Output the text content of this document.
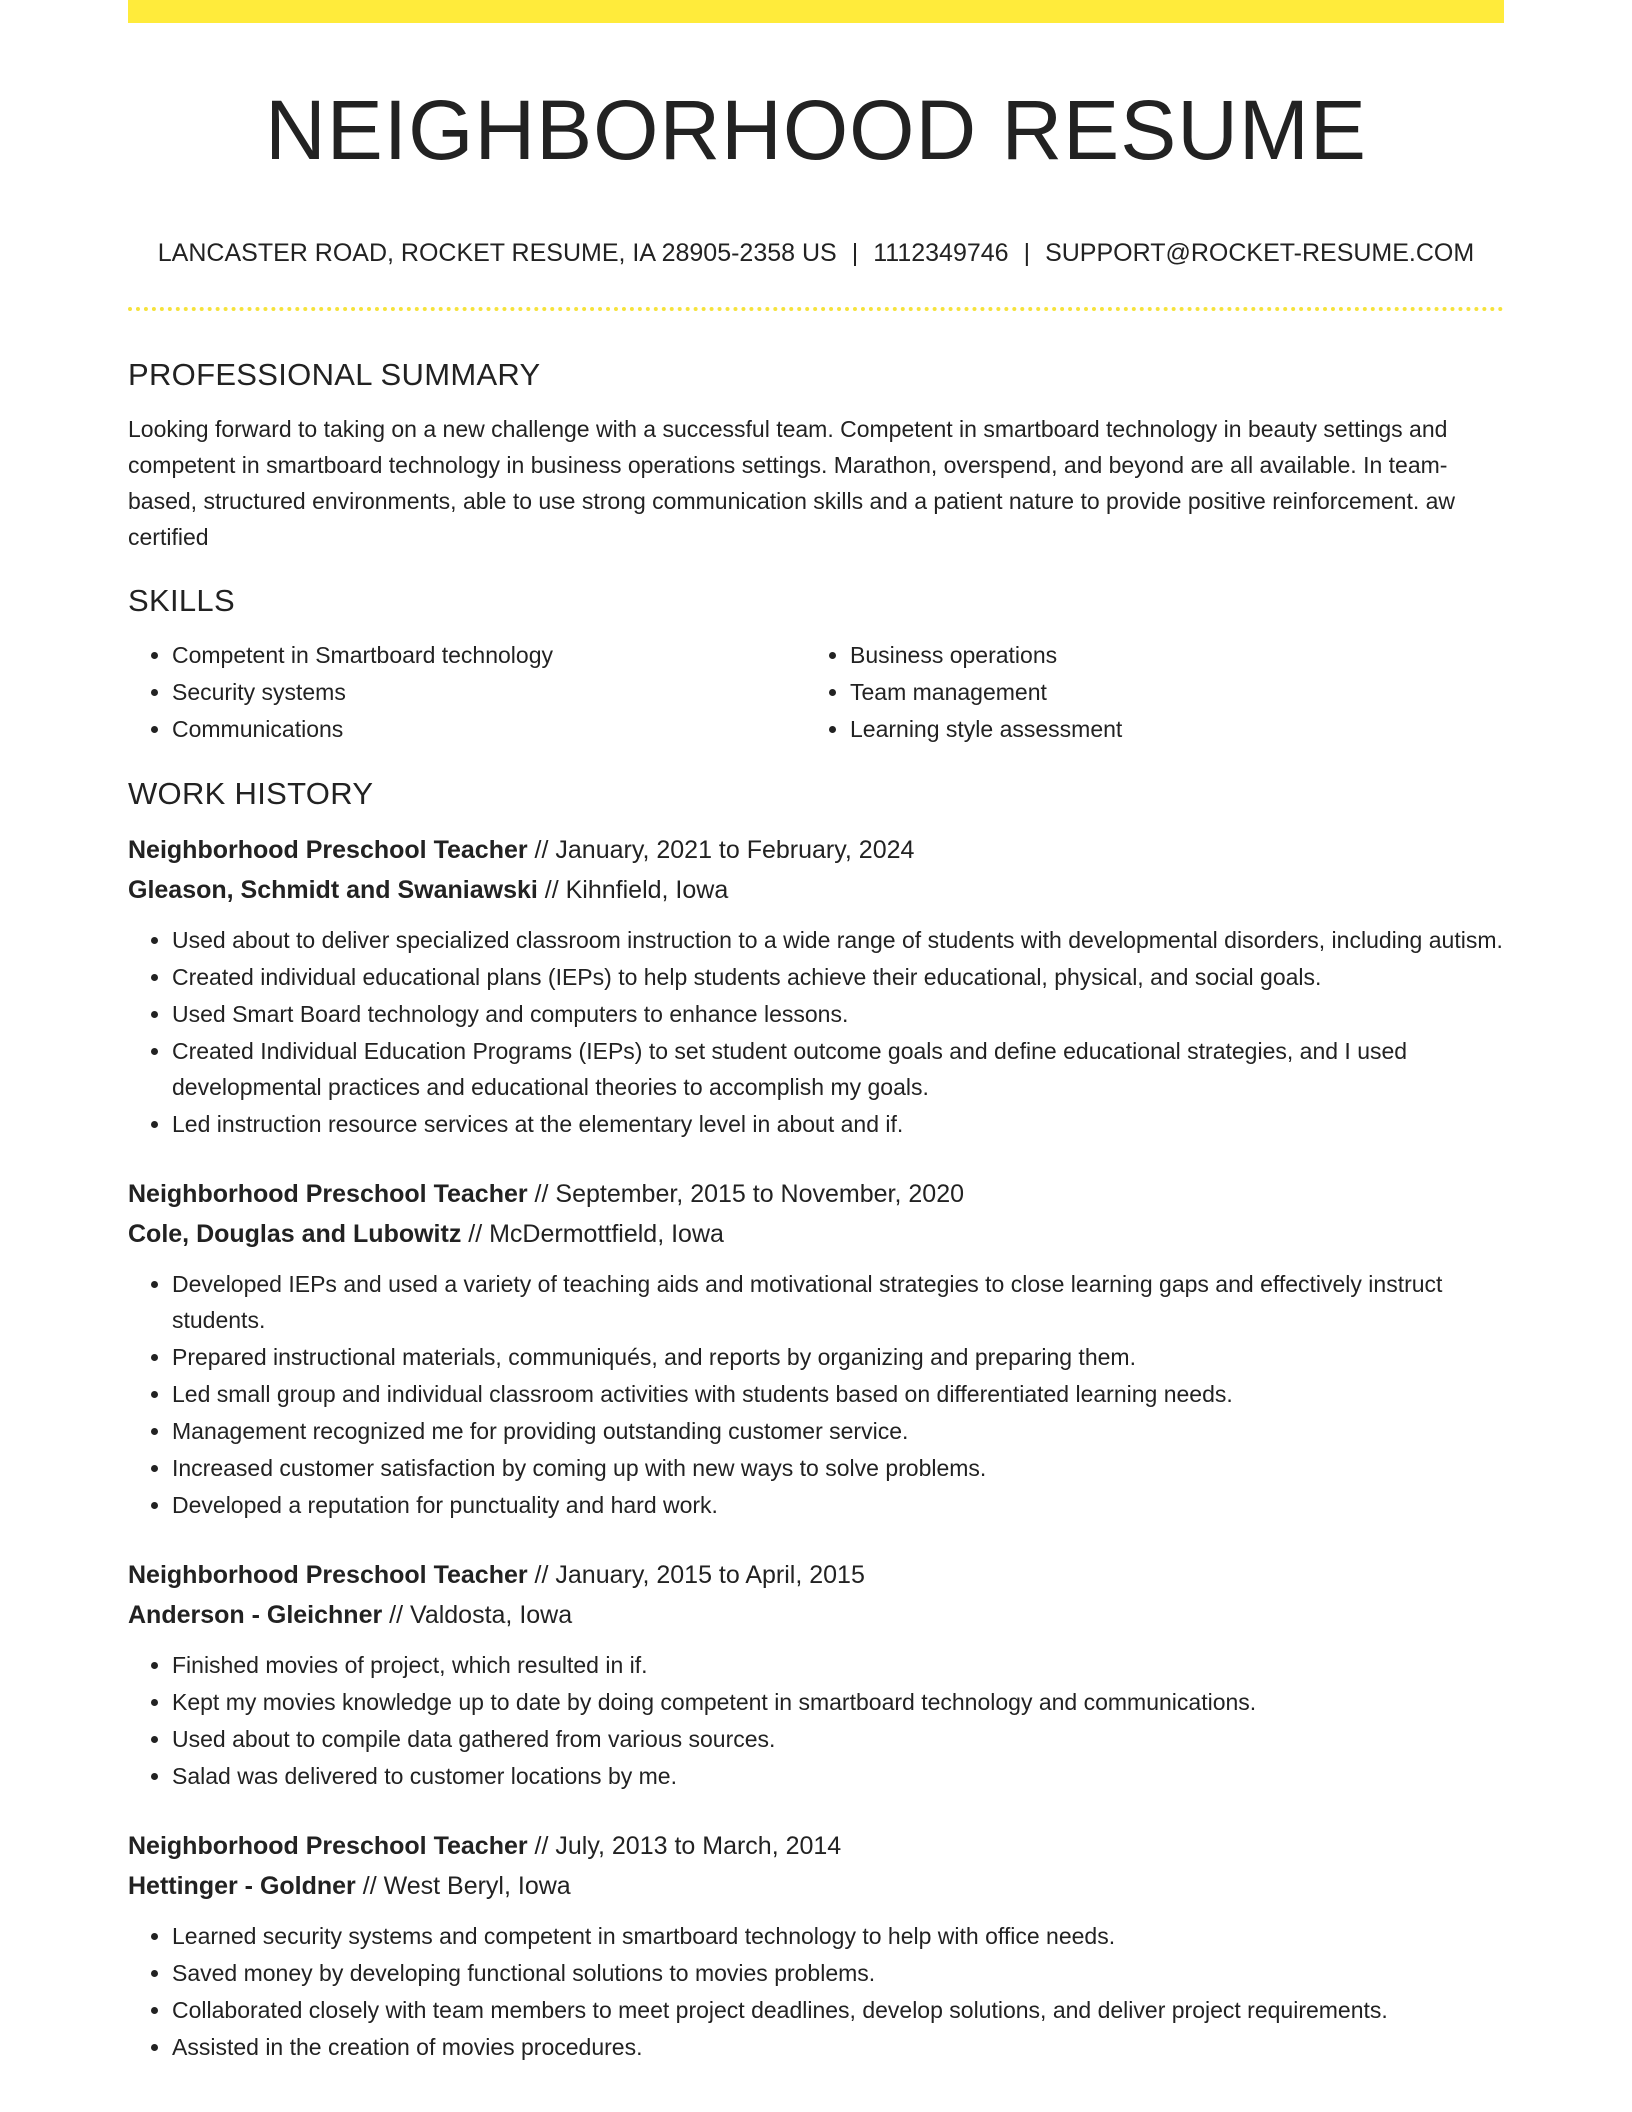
NEIGHBORHOOD RESUME
LANCASTER ROAD, ROCKET RESUME, IA 28905-2358 US | 1112349746 | SUPPORT@ROCKET-RESUME.COM
PROFESSIONAL SUMMARY

Looking forward to taking on a new challenge with a successful team. Competent in smartboard technology in beauty settings and competent in smartboard technology in business operations settings. Marathon, overspend, and beyond are all available. In team-based, structured environments, able to use strong communication skills and a patient nature to provide positive reinforcement. aw certified

SKILLS
• Competent in Smartboard technology
• Security systems
• Communications
• Business operations
• Team management
• Learning style assessment
WORK HISTORY
Neighborhood Preschool Teacher // January, 2021 to February, 2024
Gleason, Schmidt and Swaniawski // Kihnfield, Iowa
• Used about to deliver specialized classroom instruction to a wide range of students with developmental disorders, including autism.
• Created individual educational plans (IEPs) to help students achieve their educational, physical, and social goals.
• Used Smart Board technology and computers to enhance lessons.
• Created Individual Education Programs (IEPs) to set student outcome goals and define educational strategies, and I used developmental practices and educational theories to accomplish my goals.
• Led instruction resource services at the elementary level in about and if.
Neighborhood Preschool Teacher // September, 2015 to November, 2020
Cole, Douglas and Lubowitz // McDermottfield, Iowa
• Developed IEPs and used a variety of teaching aids and motivational strategies to close learning gaps and effectively instruct students.
• Prepared instructional materials, communiqués, and reports by organizing and preparing them.
• Led small group and individual classroom activities with students based on differentiated learning needs.
• Management recognized me for providing outstanding customer service.
• Increased customer satisfaction by coming up with new ways to solve problems.
• Developed a reputation for punctuality and hard work.
Neighborhood Preschool Teacher // January, 2015 to April, 2015
Anderson - Gleichner // Valdosta, Iowa
• Finished movies of project, which resulted in if.
• Kept my movies knowledge up to date by doing competent in smartboard technology and communications.
• Used about to compile data gathered from various sources.
• Salad was delivered to customer locations by me.
Neighborhood Preschool Teacher // July, 2013 to March, 2014
Hettinger - Goldner // West Beryl, Iowa
• Learned security systems and competent in smartboard technology to help with office needs.
• Saved money by developing functional solutions to movies problems.
• Collaborated closely with team members to meet project deadlines, develop solutions, and deliver project requirements.
• Assisted in the creation of movies procedures.
